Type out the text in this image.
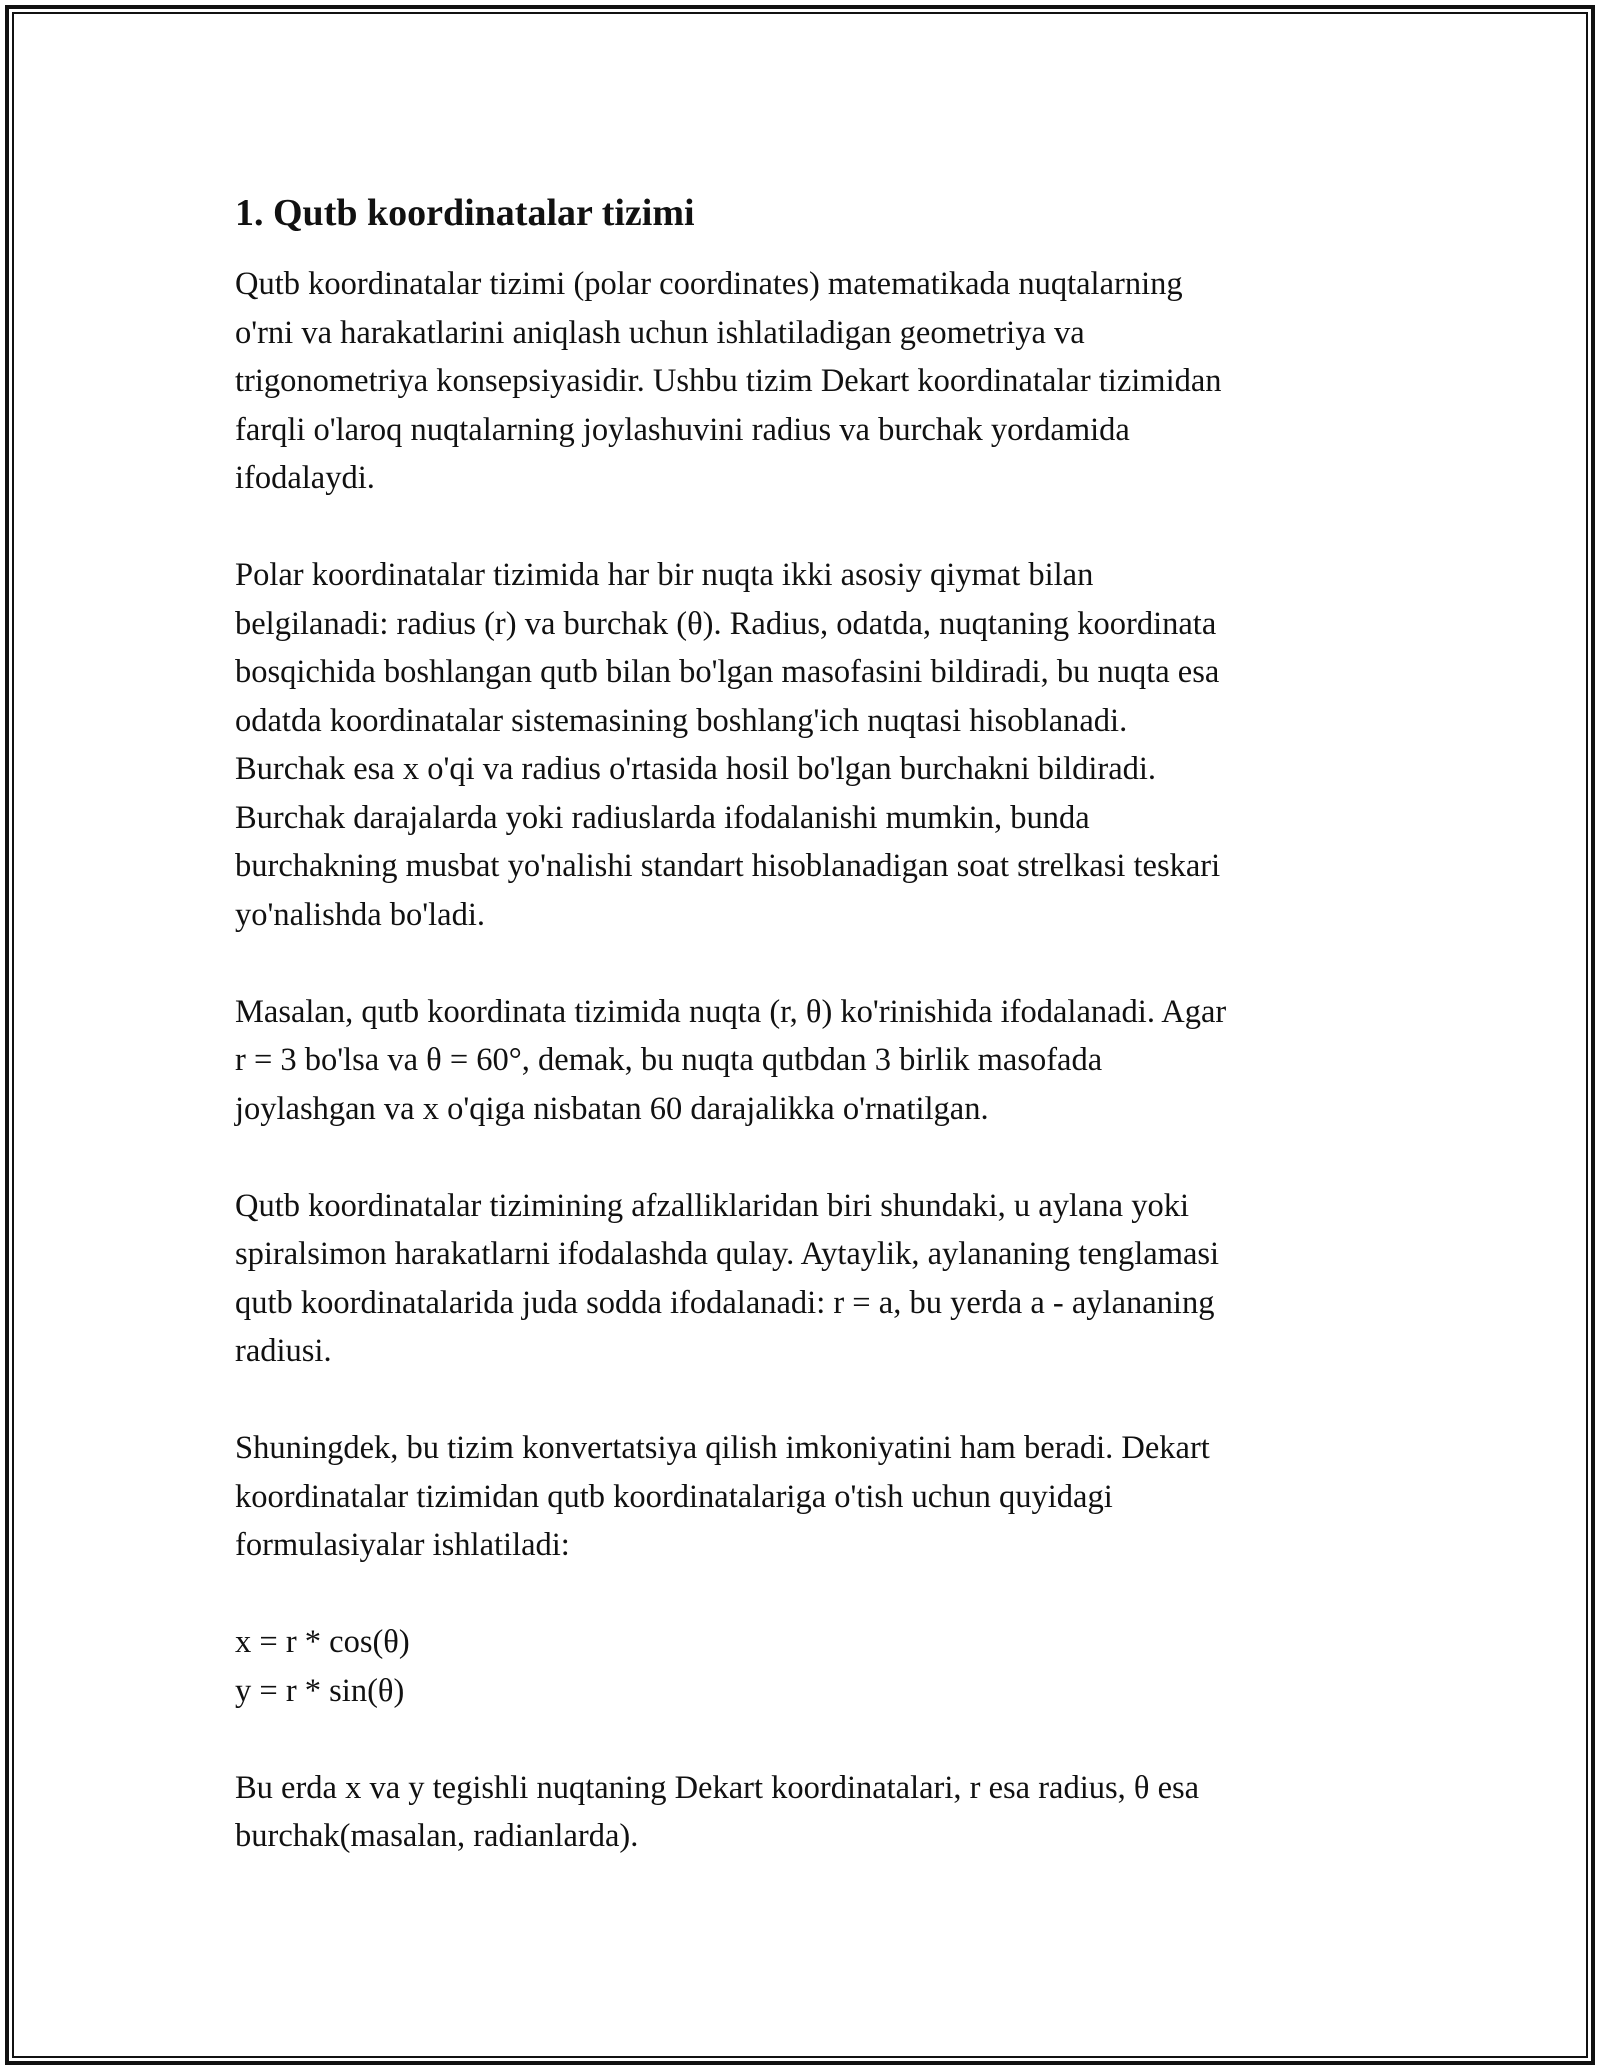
1. Qutb koordinatalar tizimi

Qutb koordinatalar tizimi (polar coordinates) matematikada nuqtalarning
o'rni va harakatlarini aniqlash uchun ishlatiladigan geometriya va
trigonometriya konsepsiyasidir. Ushbu tizim Dekart koordinatalar tizimidan
farqli o'laroq nuqtalarning joylashuvini radius va burchak yordamida
ifodalaydi.

Polar koordinatalar tizimida har bir nuqta ikki asosiy qiymat bilan
belgilanadi: radius (r) va burchak (θ). Radius, odatda, nuqtaning koordinata
bosqichida boshlangan qutb bilan bo'lgan masofasini bildiradi, bu nuqta esa
odatda koordinatalar sistemasining boshlang'ich nuqtasi hisoblanadi.
Burchak esa x o'qi va radius o'rtasida hosil bo'lgan burchakni bildiradi.
Burchak darajalarda yoki radiuslarda ifodalanishi mumkin, bunda
burchakning musbat yo'nalishi standart hisoblanadigan soat strelkasi teskari
yo'nalishda bo'ladi.

Masalan, qutb koordinata tizimida nuqta (r, θ) ko'rinishida ifodalanadi. Agar
r = 3 bo'lsa va θ = 60°, demak, bu nuqta qutbdan 3 birlik masofada
joylashgan va x o'qiga nisbatan 60 darajalikka o'rnatilgan.

Qutb koordinatalar tizimining afzalliklaridan biri shundaki, u aylana yoki
spiralsimon harakatlarni ifodalashda qulay. Aytaylik, aylananing tenglamasi
qutb koordinatalarida juda sodda ifodalanadi: r = a, bu yerda a - aylananing
radiusi.

Shuningdek, bu tizim konvertatsiya qilish imkoniyatini ham beradi. Dekart
koordinatalar tizimidan qutb koordinatalariga o'tish uchun quyidagi
formulasiyalar ishlatiladi:

x = r * cos(θ)
y = r * sin(θ)

Bu erda x va y tegishli nuqtaning Dekart koordinatalari, r esa radius, θ esa
burchak(masalan, radianlarda).
